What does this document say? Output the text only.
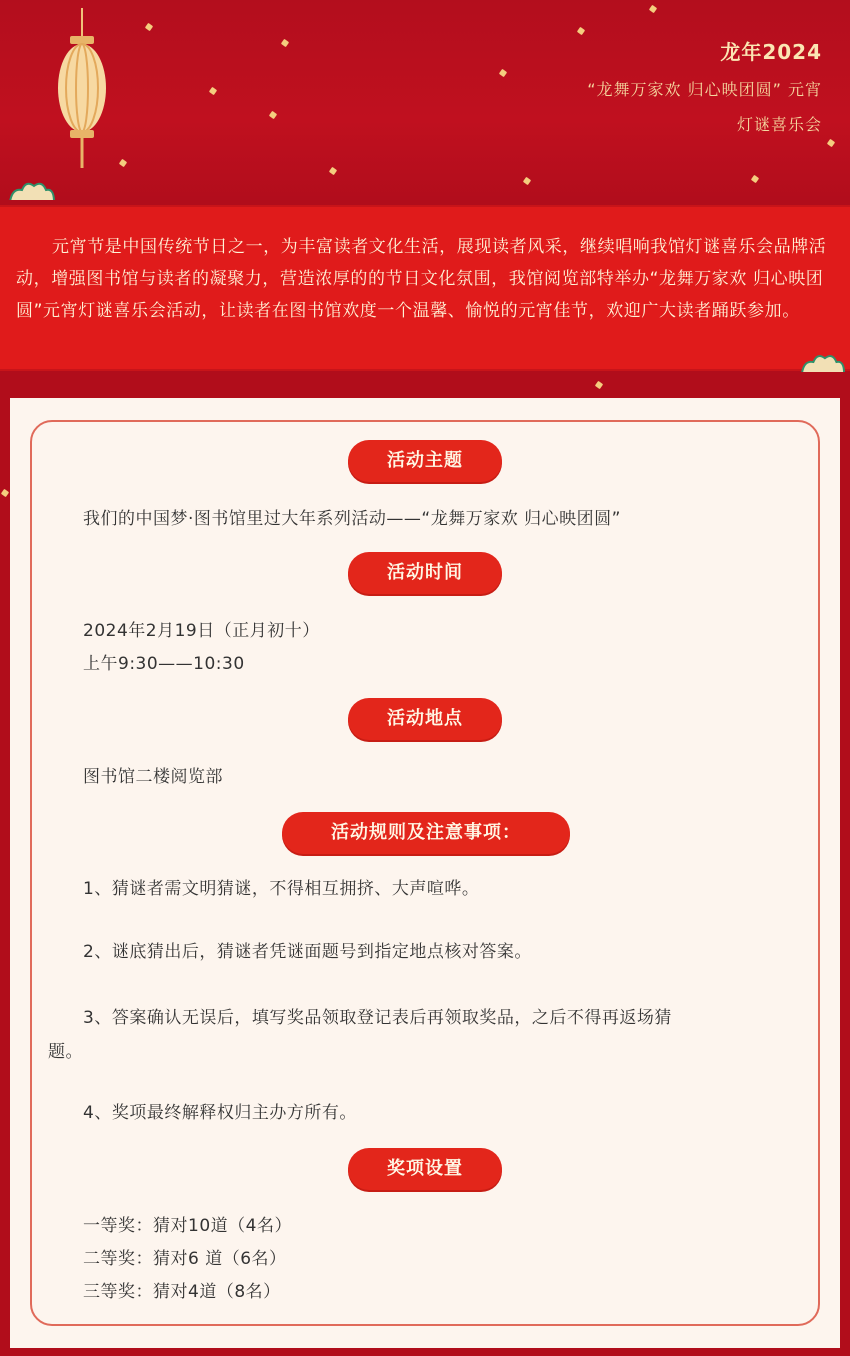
龙年2024
“龙舞万家欢 归心映团圆” 元宵
灯谜喜乐会
元宵节是中国传统节日之一，为丰富读者文化生活，展现读者风采，继续唱响我馆灯谜喜乐会品牌活动，增强图书馆与读者的凝聚力，营造浓厚的的节日文化氛围，我馆阅览部特举办“龙舞万家欢 归心映团圆”元宵灯谜喜乐会活动，让读者在图书馆欢度一个温馨、愉悦的元宵佳节，欢迎广大读者踊跃参加。
活动主题
我们的中国梦·图书馆里过大年系列活动——“龙舞万家欢 归心映团圆”
活动时间
2024年2月19日（正月初十）
上午9:30——10:30
活动地点
图书馆二楼阅览部
活动规则及注意事项：
1、猜谜者需文明猜谜，不得相互拥挤、大声喧哗。
2、谜底猜出后，猜谜者凭谜面题号到指定地点核对答案。
3、答案确认无误后，填写奖品领取登记表后再领取奖品，之后不得再返场猜
题。
4、奖项最终解释权归主办方所有。
奖项设置
一等奖：猜对10道（4名）
二等奖：猜对6 道（6名）
三等奖：猜对4道（8名）
